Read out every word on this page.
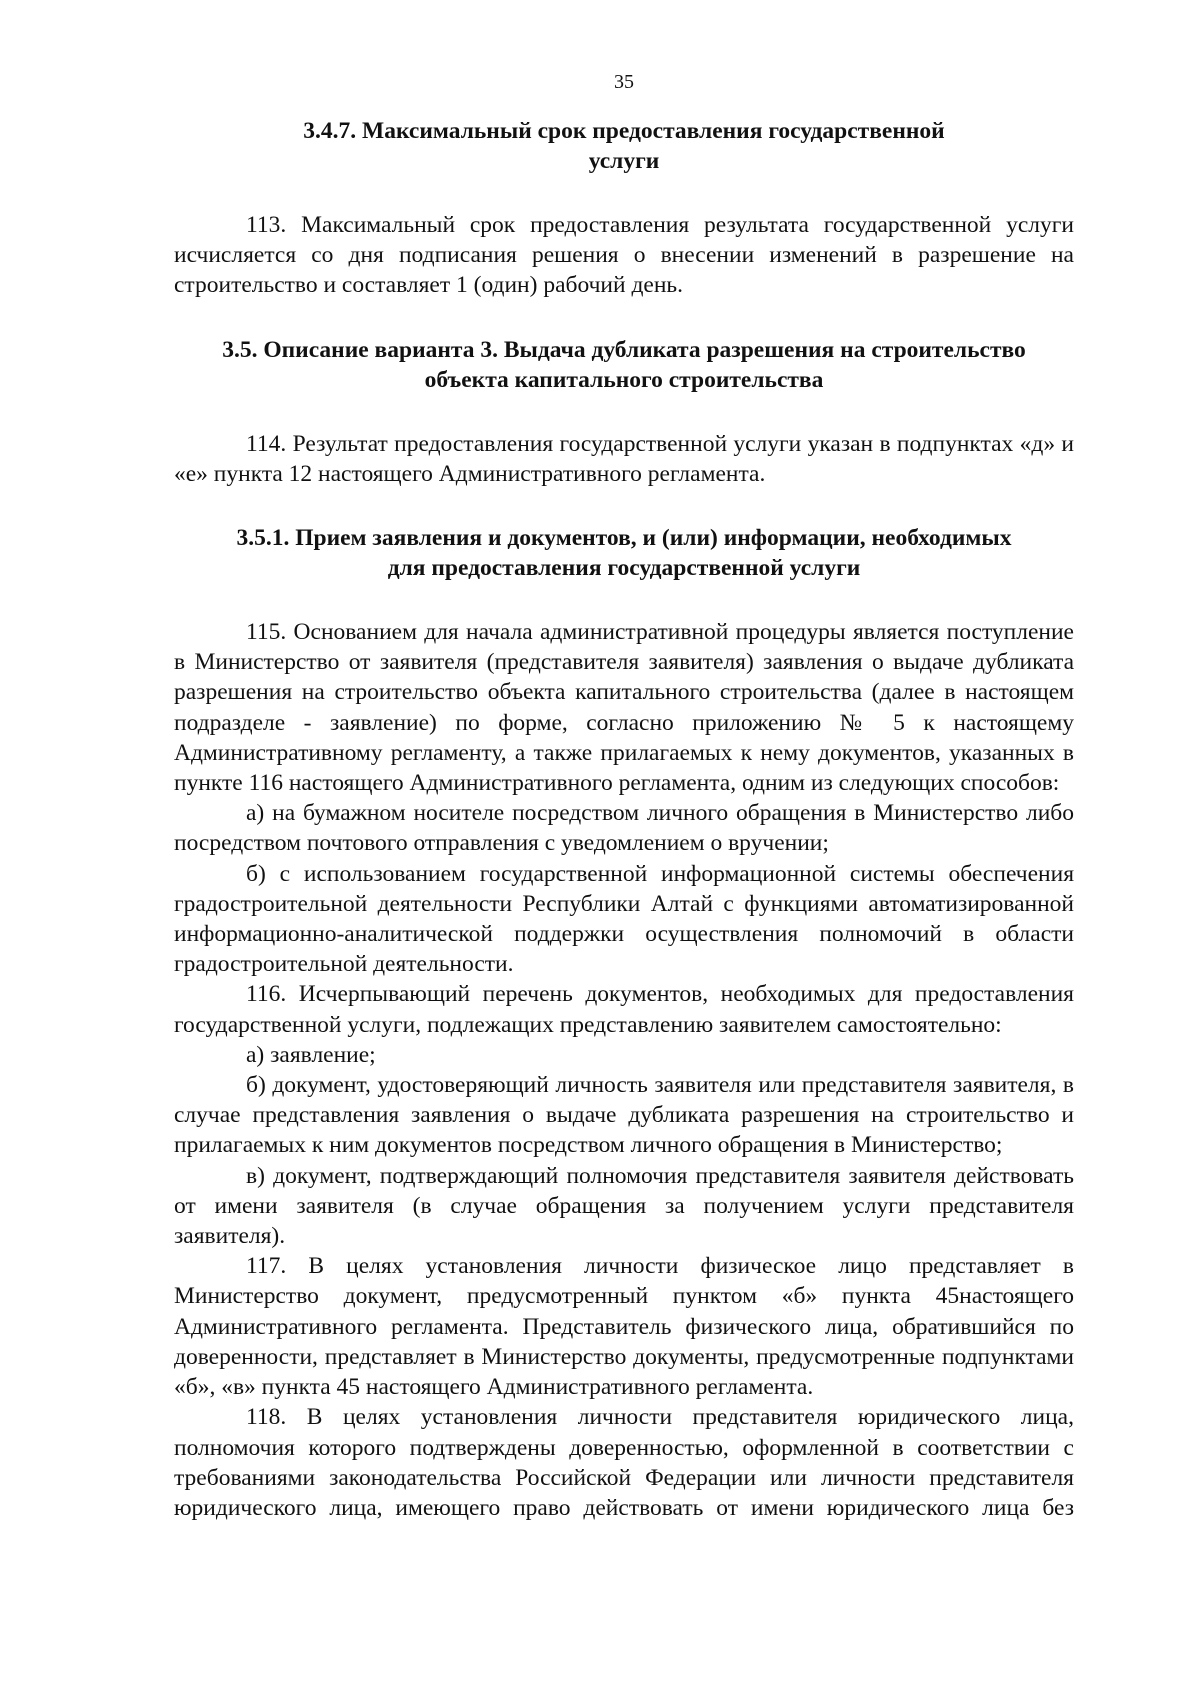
35
3.4.7. Максимальный срок предоставления государственной
услуги

113. Максимальный срок предоставления результата государственной услуги исчисляется со дня подписания решения о внесении изменений в разрешение на строительство и составляет 1 (один) рабочий день.

3.5. Описание варианта 3. Выдача дубликата разрешения на строительство
объекта капитального строительства

114. Результат предоставления государственной услуги указан в подпунктах «д» и «е» пункта 12 настоящего Административного регламента.

3.5.1. Прием заявления и документов, и (или) информации, необходимых
для предоставления государственной услуги

115. Основанием для начала административной процедуры является поступление в Министерство от заявителя (представителя заявителя) заявления о выдаче дубликата разрешения на строительство объекта капитального строительства (далее в настоящем подразделе - заявление) по форме, согласно приложению № 5 к настоящему Административному регламенту, а также прилагаемых к нему документов, указанных в пункте 116 настоящего Административного регламента, одним из следующих способов:

а) на бумажном носителе посредством личного обращения в Министерство либо посредством почтового отправления с уведомлением о вручении;

б) с использованием государственной информационной системы обеспечения градостроительной деятельности Республики Алтай с функциями автоматизированной информационно-аналитической поддержки осуществления полномочий в области градостроительной деятельности.

116. Исчерпывающий перечень документов, необходимых для предоставления государственной услуги, подлежащих представлению заявителем самостоятельно:

а) заявление;

б) документ, удостоверяющий личность заявителя или представителя заявителя, в случае представления заявления о выдаче дубликата разрешения на строительство и прилагаемых к ним документов посредством личного обращения в Министерство;

в) документ, подтверждающий полномочия представителя заявителя действовать от имени заявителя (в случае обращения за получением услуги представителя заявителя).

117. В целях установления личности физическое лицо представляет в Министерство документ, предусмотренный пунктом «б» пункта 45настоящего Административного регламента. Представитель физического лица, обратившийся по доверенности, представляет в Министерство документы, предусмотренные подпунктами «б», «в» пункта 45 настоящего Административного регламента.

118. В целях установления личности представителя юридического лица, полномочия которого подтверждены доверенностью, оформленной в соответствии с требованиями законодательства Российской Федерации или личности представителя юридического лица, имеющего право действовать от имени юридического лица без
